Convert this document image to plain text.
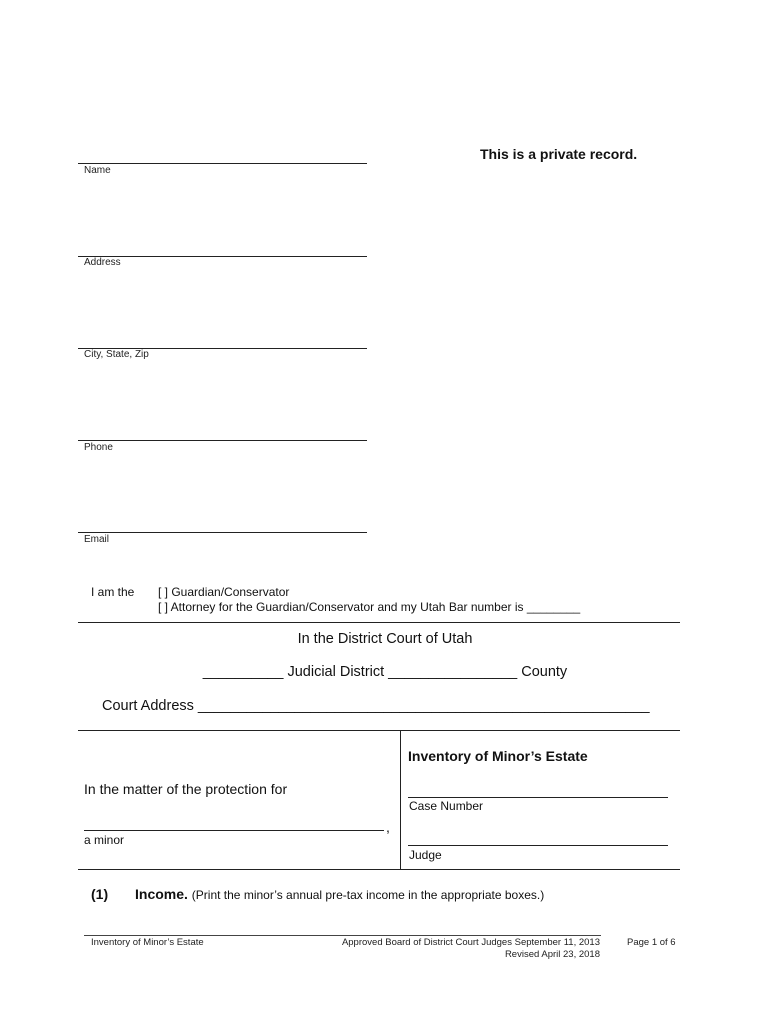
This is a private record.
Name
Address
City, State, Zip
Phone
Email
I am the [ ] Guardian/Conservator
[ ] Attorney for the Guardian/Conservator and my Utah Bar number is ________
In the District Court of Utah
__________ Judicial District ________________ County
Court Address ________________________________________________________
In the matter of the protection for
,
a minor
Inventory of Minor’s Estate
Case Number
Judge
(1) Income. (Print the minor’s annual pre-tax income in the appropriate boxes.)
Inventory of Minor’s Estate	Approved Board of District Court Judges September 11, 2013
Revised April 23, 2018
Page 1 of 6
